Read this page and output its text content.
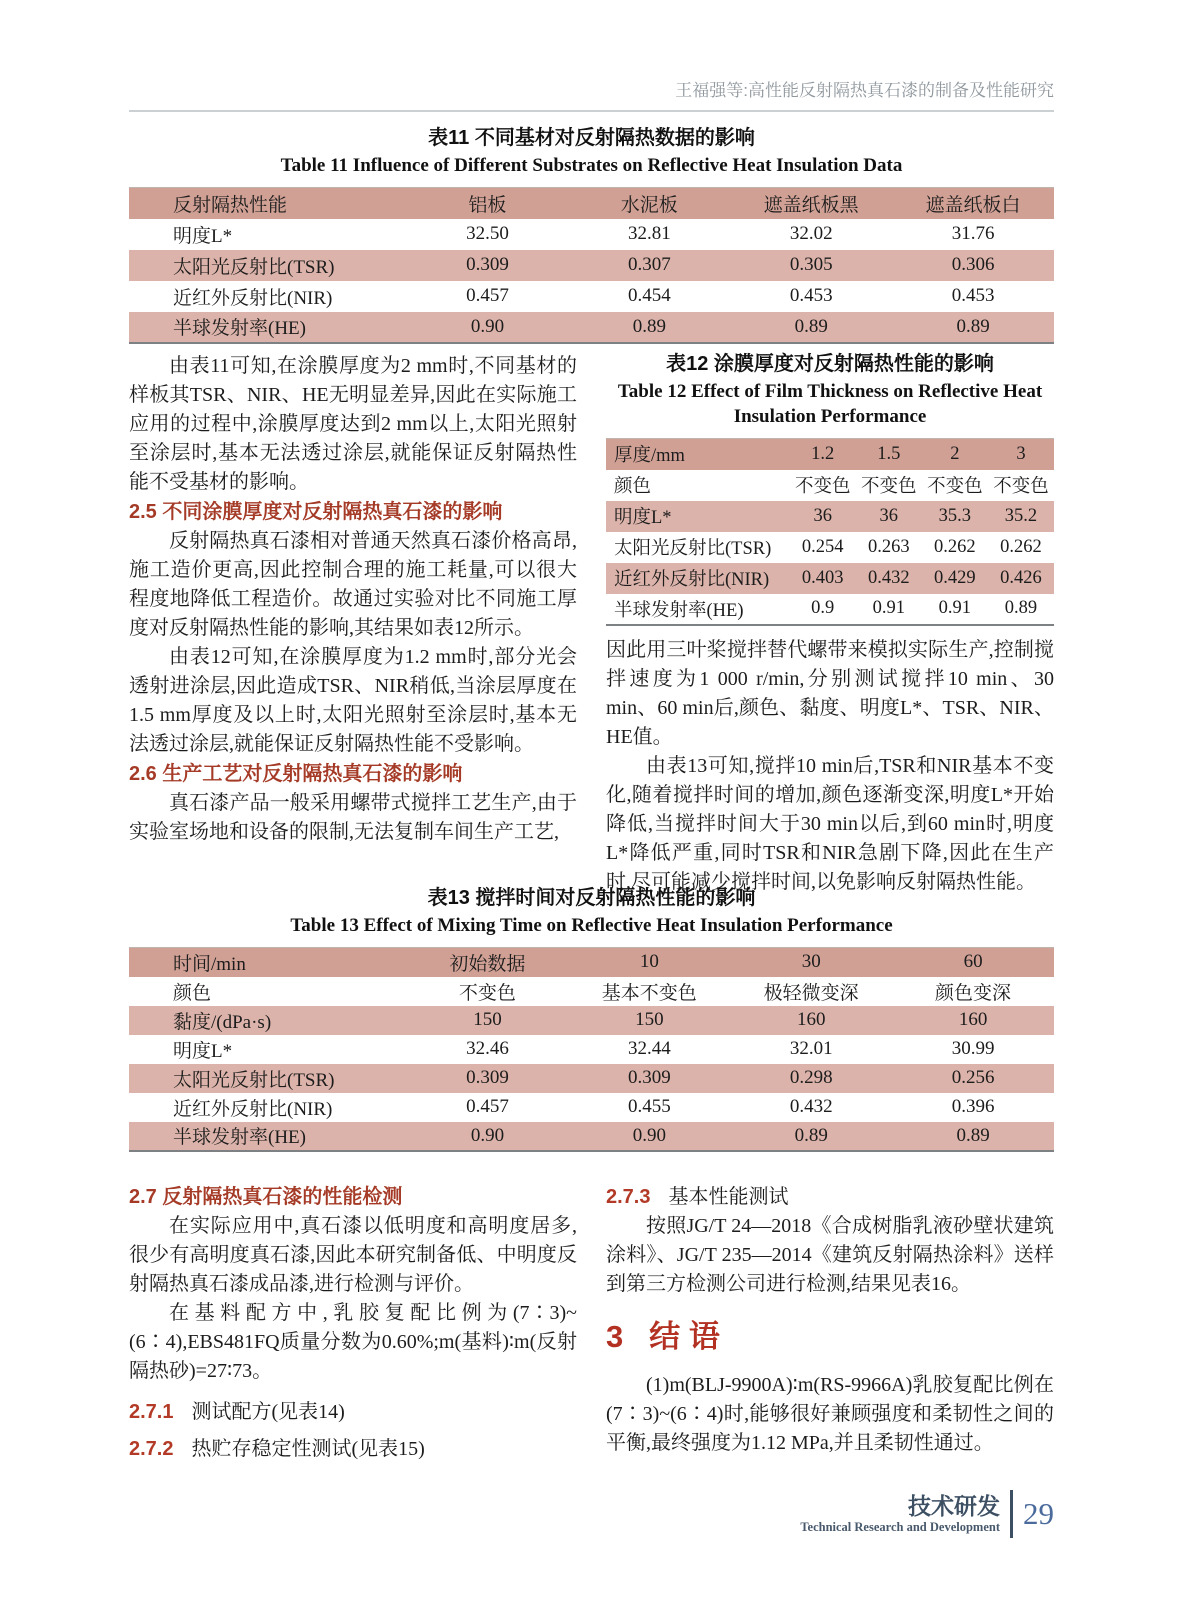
王福强等:高性能反射隔热真石漆的制备及性能研究
表11 不同基材对反射隔热数据的影响
Table 11 Influence of Different Substrates on Reflective Heat Insulation Data
反射隔热性能	铝板	水泥板	遮盖纸板黑	遮盖纸板白
明度L*	32.50	32.81	32.02	31.76
太阳光反射比(TSR)	0.309	0.307	0.305	0.306
近红外反射比(NIR)	0.457	0.454	0.453	0.453
半球发射率(HE)	0.90	0.89	0.89	0.89

由表11可知,在涂膜厚度为2 mm时,不同基材的样板其TSR、NIR、HE无明显差异,因此在实际施工应用的过程中,涂膜厚度达到2 mm以上,太阳光照射至涂层时,基本无法透过涂层,就能保证反射隔热性能不受基材的影响。

2.5 不同涂膜厚度对反射隔热真石漆的影响

反射隔热真石漆相对普通天然真石漆价格高昂,施工造价更高,因此控制合理的施工耗量,可以很大程度地降低工程造价。故通过实验对比不同施工厚度对反射隔热性能的影响,其结果如表12所示。

由表12可知,在涂膜厚度为1.2 mm时,部分光会透射进涂层,因此造成TSR、NIR稍低,当涂层厚度在1.5 mm厚度及以上时,太阳光照射至涂层时,基本无法透过涂层,就能保证反射隔热性能不受影响。

2.6 生产工艺对反射隔热真石漆的影响

真石漆产品一般采用螺带式搅拌工艺生产,由于实验室场地和设备的限制,无法复制车间生产工艺,

表12 涂膜厚度对反射隔热性能的影响
Table 12 Effect of Film Thickness on Reflective Heat Insulation Performance
厚度/mm	1.2	1.5	2	3
颜色	不变色	不变色	不变色	不变色
明度L*	36	36	35.3	35.2
太阳光反射比(TSR)	0.254	0.263	0.262	0.262
近红外反射比(NIR)	0.403	0.432	0.429	0.426
半球发射率(HE)	0.9	0.91	0.91	0.89

因此用三叶桨搅拌替代螺带来模拟实际生产,控制搅拌速度为1 000 r/min,分别测试搅拌10 min、30 min、60 min后,颜色、黏度、明度L*、TSR、NIR、HE值。

由表13可知,搅拌10 min后,TSR和NIR基本不变化,随着搅拌时间的增加,颜色逐渐变深,明度L*开始降低,当搅拌时间大于30 min以后,到60 min时,明度L*降低严重,同时TSR和NIR急剧下降,因此在生产时,尽可能减少搅拌时间,以免影响反射隔热性能。

表13 搅拌时间对反射隔热性能的影响
Table 13 Effect of Mixing Time on Reflective Heat Insulation Performance
时间/min	初始数据	10	30	60
颜色	不变色	基本不变色	极轻微变深	颜色变深
黏度/(dPa·s)	150	150	160	160
明度L*	32.46	32.44	32.01	30.99
太阳光反射比(TSR)	0.309	0.309	0.298	0.256
近红外反射比(NIR)	0.457	0.455	0.432	0.396
半球发射率(HE)	0.90	0.90	0.89	0.89
2.7 反射隔热真石漆的性能检测

在实际应用中,真石漆以低明度和高明度居多,很少有高明度真石漆,因此本研究制备低、中明度反射隔热真石漆成品漆,进行检测与评价。

在基料配方中,乳胶复配比例为(7∶3)~(6∶4),EBS481FQ质量分数为0.60%;m(基料)∶m(反射隔热砂)=27∶73。

2.7.1 测试配方(见表14)
2.7.2 热贮存稳定性测试(见表15)
2.7.3 基本性能测试

按照JG/T 24—2018《合成树脂乳液砂壁状建筑涂料》、JG/T 235—2014《建筑反射隔热涂料》送样到第三方检测公司进行检测,结果见表16。

3 结 语

(1)m(BLJ-9900A)∶m(RS-9966A)乳胶复配比例在(7∶3)~(6∶4)时,能够很好兼顾强度和柔韧性之间的平衡,最终强度为1.12 MPa,并且柔韧性通过。

技术研发
Technical Research and Development 29
